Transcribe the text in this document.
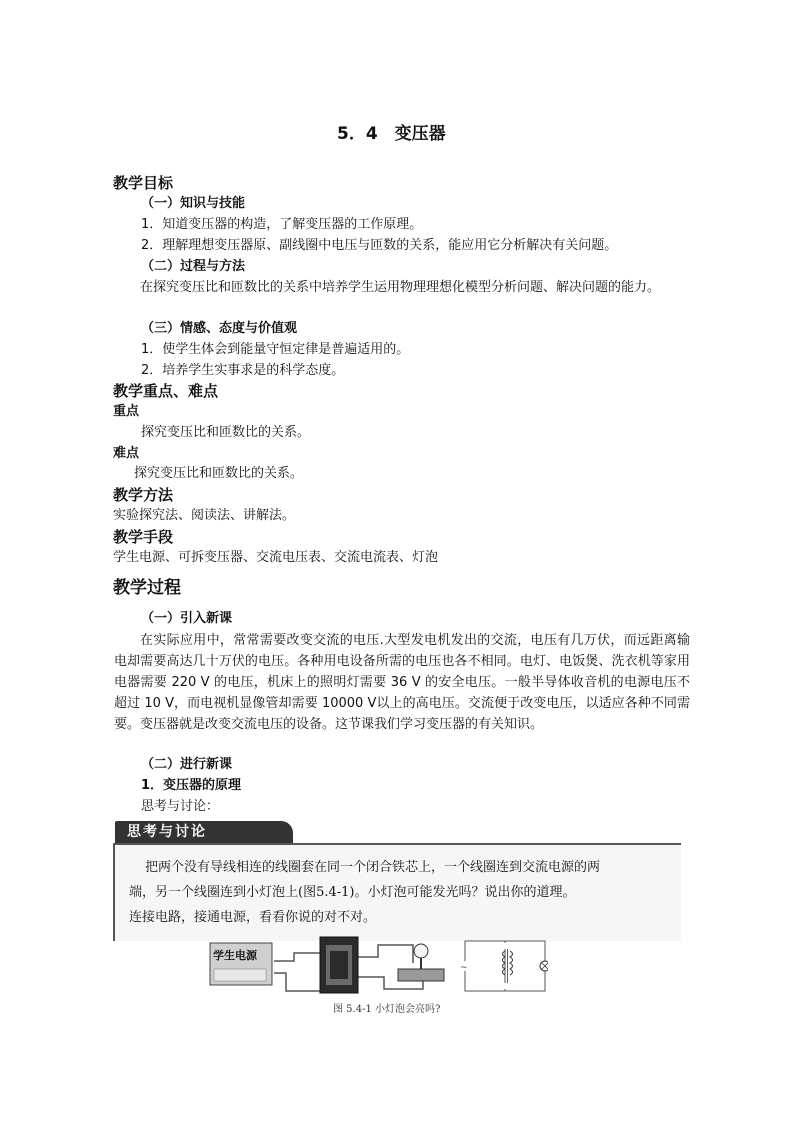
5．4　变压器
教学目标
（一）知识与技能
1．知道变压器的构造，了解变压器的工作原理。
2．理解理想变压器原、副线圈中电压与匝数的关系，能应用它分析解决有关问题。
（二）过程与方法
在探究变压比和匝数比的关系中培养学生运用物理理想化模型分析问题、解决问题的能力。
（三）情感、态度与价值观
1．使学生体会到能量守恒定律是普遍适用的。
2．培养学生实事求是的科学态度。
教学重点、难点
重点
探究变压比和匝数比的关系。
难点
探究变压比和匝数比的关系。
教学方法
实验探究法、阅读法、讲解法。
教学手段
学生电源、可拆变压器、交流电压表、交流电流表、灯泡
教学过程
（一）引入新课
在实际应用中，常常需要改变交流的电压.大型发电机发出的交流，电压有几万伏，而远距离输电却需要高达几十万伏的电压。各种用电设备所需的电压也各不相同。电灯、电饭煲、洗衣机等家用电器需要 220 V 的电压，机床上的照明灯需要 36 V 的安全电压。一般半导体收音机的电源电压不超过 10 V，而电视机显像管却需要 10000 V以上的高电压。交流便于改变电压，以适应各种不同需要。变压器就是改变交流电压的设备。这节课我们学习变压器的有关知识。
（二）进行新课
1．变压器的原理
思考与讨论：
思考与讨论
把两个没有导线相连的线圈套在同一个闭合铁芯上，一个线圈连到交流电源的两
端，另一个线圈连到小灯泡上(图5.4-1)。小灯泡可能发光吗？说出你的道理。
连接电路，接通电源，看看你说的对不对。
~
学生电源
图 5.4-1 小灯泡会亮吗?
